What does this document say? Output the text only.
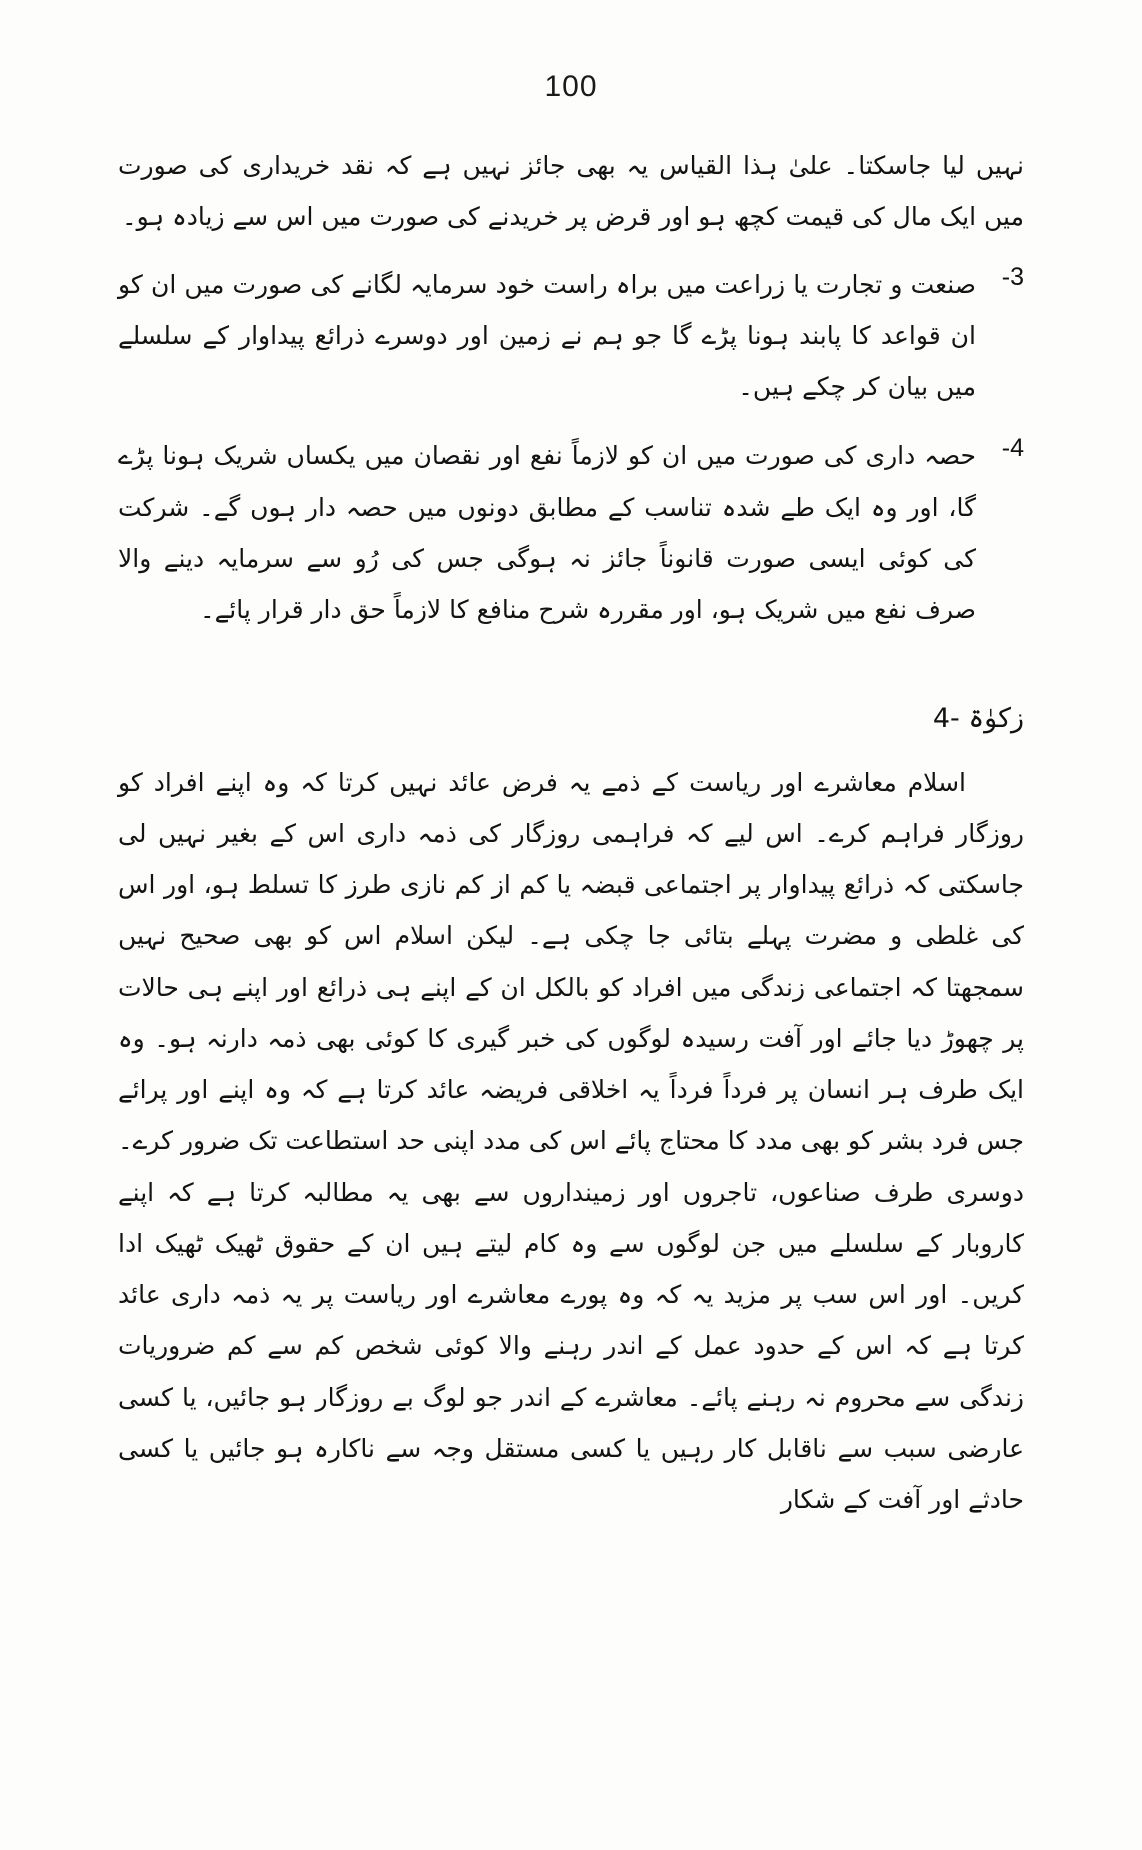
100

نہیں لیا جاسکتا۔ علیٰ ہذا القیاس یہ بھی جائز نہیں ہے کہ نقد خریداری کی صورت میں ایک مال کی قیمت کچھ ہو اور قرض پر خریدنے کی صورت میں اس سے زیادہ ہو۔

-3
صنعت و تجارت یا زراعت میں براہ راست خود سرمایہ لگانے کی صورت میں ان کو ان قواعد کا پابند ہونا پڑے گا جو ہم نے زمین اور دوسرے ذرائع پیداوار کے سلسلے میں بیان کر چکے ہیں۔
-4
حصہ داری کی صورت میں ان کو لازماً نفع اور نقصان میں یکساں شریک ہونا پڑے گا، اور وہ ایک طے شدہ تناسب کے مطابق دونوں میں حصہ دار ہوں گے۔ شرکت کی کوئی ایسی صورت قانوناً جائز نہ ہوگی جس کی رُو سے سرمایہ دینے والا صرف نفع میں شریک ہو، اور مقررہ شرح منافع کا لازماً حق دار قرار پائے۔
زکوٰۃ -4

اسلام معاشرے اور ریاست کے ذمے یہ فرض عائد نہیں کرتا کہ وہ اپنے افراد کو روزگار فراہم کرے۔ اس لیے کہ فراہمی روزگار کی ذمہ داری اس کے بغیر نہیں لی جاسکتی کہ ذرائع پیداوار پر اجتماعی قبضہ یا کم از کم نازی طرز کا تسلط ہو، اور اس کی غلطی و مضرت پہلے بتائی جا چکی ہے۔ لیکن اسلام اس کو بھی صحیح نہیں سمجھتا کہ اجتماعی زندگی میں افراد کو بالکل ان کے اپنے ہی ذرائع اور اپنے ہی حالات پر چھوڑ دیا جائے اور آفت رسیدہ لوگوں کی خبر گیری کا کوئی بھی ذمہ دارنہ ہو۔ وہ ایک طرف ہر انسان پر فرداً فرداً یہ اخلاقی فریضہ عائد کرتا ہے کہ وہ اپنے اور پرائے جس فرد بشر کو بھی مدد کا محتاج پائے اس کی مدد اپنی حد استطاعت تک ضرور کرے۔ دوسری طرف صناعوں، تاجروں اور زمینداروں سے بھی یہ مطالبہ کرتا ہے کہ اپنے کاروبار کے سلسلے میں جن لوگوں سے وہ کام لیتے ہیں ان کے حقوق ٹھیک ٹھیک ادا کریں۔ اور اس سب پر مزید یہ کہ وہ پورے معاشرے اور ریاست پر یہ ذمہ داری عائد کرتا ہے کہ اس کے حدود عمل کے اندر رہنے والا کوئی شخص کم سے کم ضروریات زندگی سے محروم نہ رہنے پائے۔ معاشرے کے اندر جو لوگ بے روزگار ہو جائیں، یا کسی عارضی سبب سے ناقابل کار رہیں یا کسی مستقل وجہ سے ناکارہ ہو جائیں یا کسی حادثے اور آفت کے شکار
